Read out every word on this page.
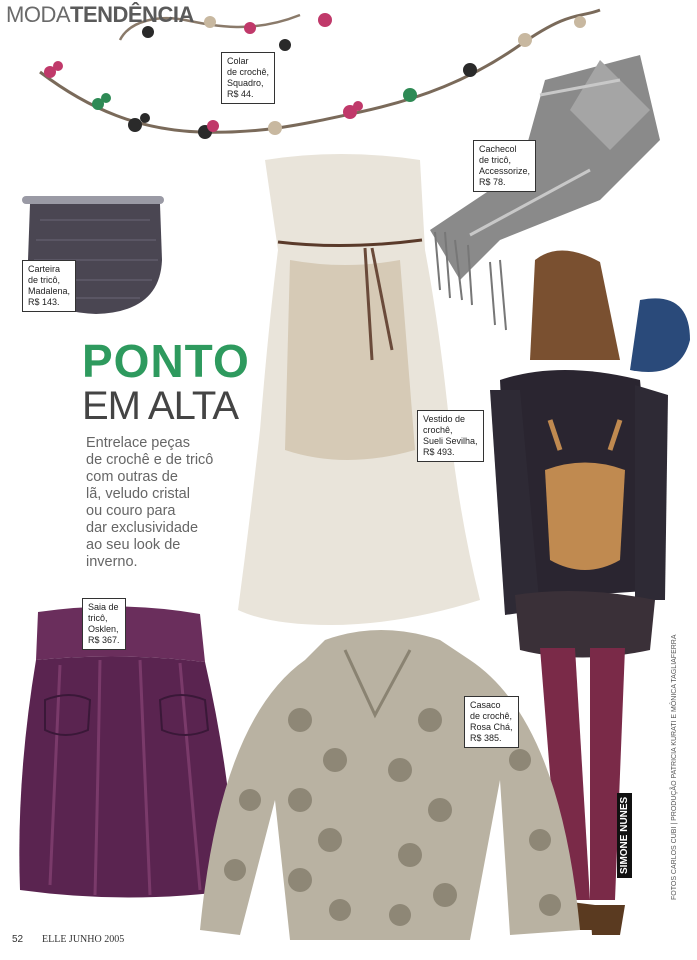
MODATENDÊNCIA
PONTO
EM ALTA
Entrelace peças
de crochê e de tricô
com outras de
lã, veludo cristal
ou couro para
dar exclusividade
ao seu look de
inverno.
Colar
de crochê,
Squadro,
R$ 44.
Cachecol
de tricô,
Accessorize,
R$ 78.
Carteira
de tricô,
Madalena,
R$ 143.
Vestido de
crochê,
Sueli Sevilha,
R$ 493.
Saia de
tricô,
Osklen,
R$ 367.
Casaco
de crochê,
Rosa Chá,
R$ 385.
SIMONE NUNES	FOTOS CARLOS CUBI | PRODUÇÃO PATRICIA KURATI E MÔNICA TAGLIAFERRA
52 ELLE JUNHO 2005
